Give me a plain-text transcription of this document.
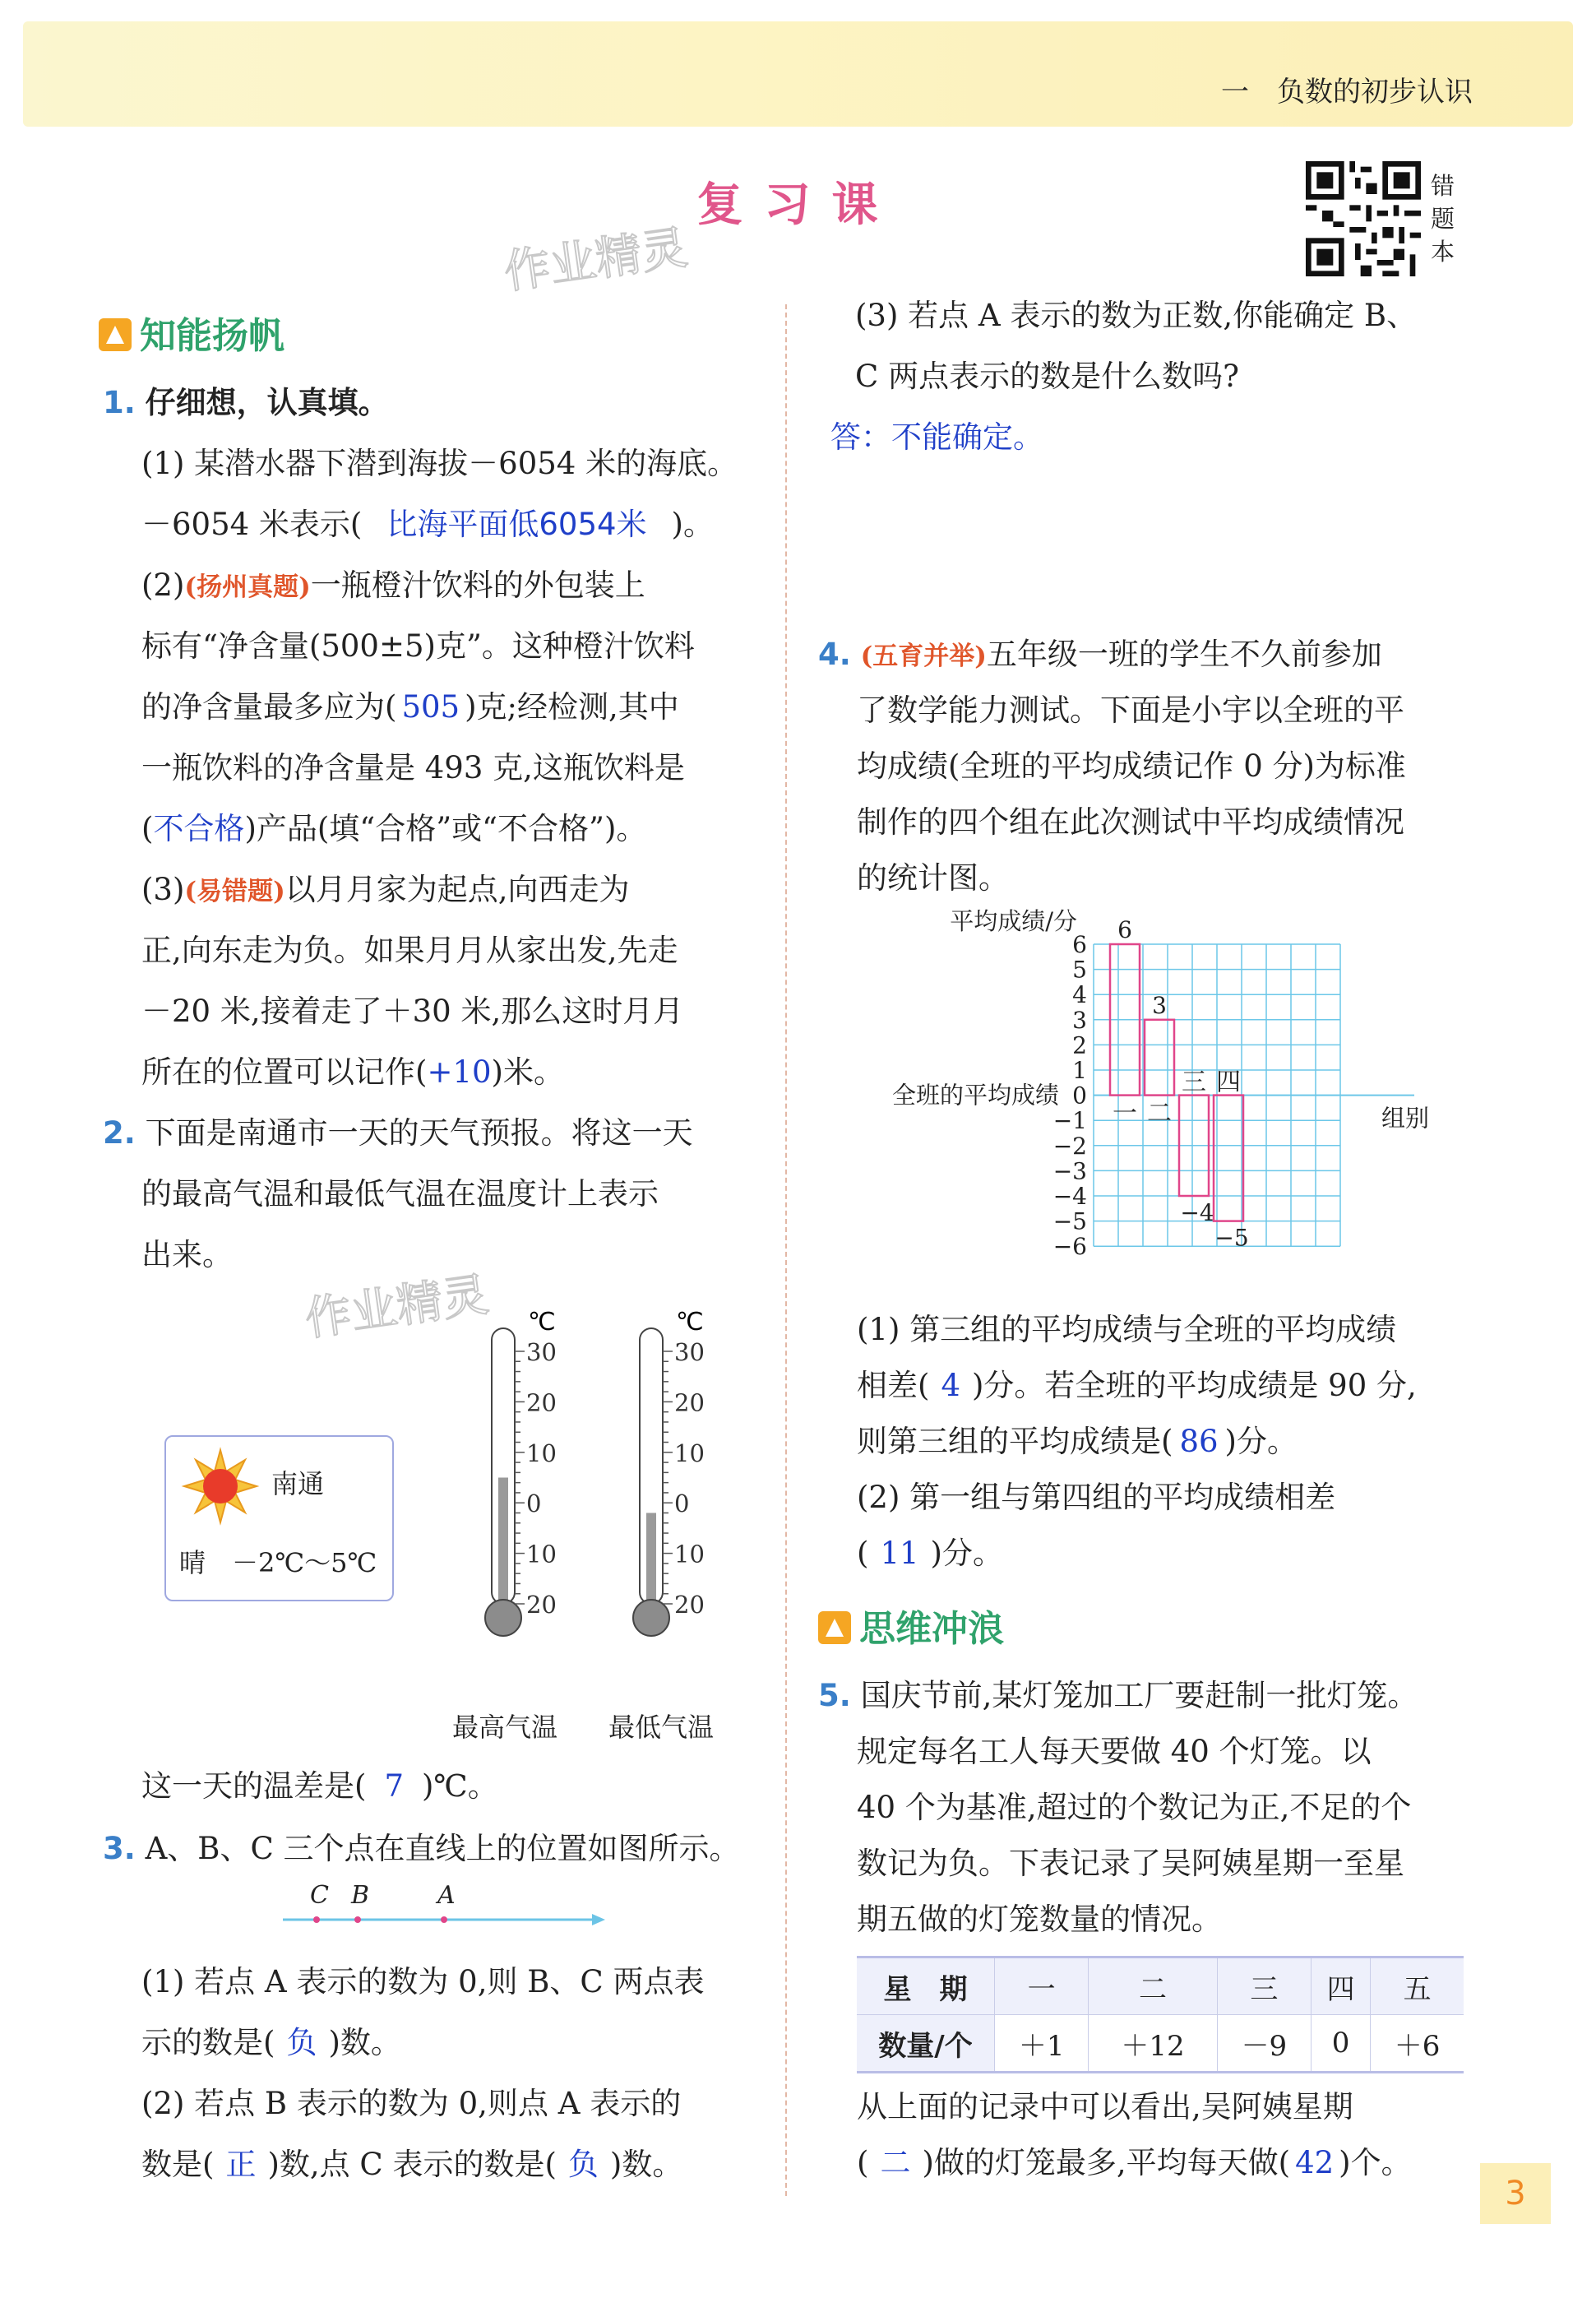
一　负数的初步认识
复习课	错题本
作业精灵
作业精灵
知能扬帆
1. 仔细想，认真填。
(1) 某潜水器下潜到海拔－6054 米的海底。
－6054 米表示( 比海平面低6054米 )。
(2)(扬州真题)一瓶橙汁饮料的外包装上
标有“净含量(500±5)克”。这种橙汁饮料
的净含量最多应为( 505 )克;经检测,其中
一瓶饮料的净含量是 493 克,这瓶饮料是
(不合格)产品(填“合格”或“不合格”)。
(3)(易错题)以月月家为起点,向西走为
正,向东走为负。如果月月从家出发,先走
－20 米,接着走了＋30 米,那么这时月月
所在的位置可以记作(+10)米。
2. 下面是南通市一天的天气预报。将这一天
的最高气温和最低气温在温度计上表示
出来。
南通
晴　－2℃～5℃
℃
30
20
10
0
10
20
℃
30
20
10
0
10
20
最高气温 最低气温
这一天的温差是( 7 )℃。
3. A、B、C 三个点在直线上的位置如图所示。
C B	A
(1) 若点 A 表示的数为 0,则 B、C 两点表
示的数是( 负 )数。
(2) 若点 B 表示的数为 0,则点 A 表示的
数是( 正 )数,点 C 表示的数是( 负 )数。
(3) 若点 A 表示的数为正数,你能确定 B、
C 两点表示的数是什么数吗?
答：不能确定。
4. (五育并举)五年级一班的学生不久前参加
了数学能力测试。下面是小宇以全班的平
均成绩(全班的平均成绩记作 0 分)为标准
制作的四个组在此次测试中平均成绩情况
的统计图。
6
5
4
3
2
1
0
−1
−2
−3
−4
−5
−6
平均成绩/分
全班的平均成绩
组别
一
6
二
3
三
−4
四
−5
(1) 第三组的平均成绩与全班的平均成绩
相差( 4 )分。若全班的平均成绩是 90 分,
则第三组的平均成绩是( 86 )分。
(2) 第一组与第四组的平均成绩相差
( 11 )分。
思维冲浪
5. 国庆节前,某灯笼加工厂要赶制一批灯笼。
规定每名工人每天要做 40 个灯笼。以
40 个为基准,超过的个数记为正,不足的个
数记为负。下表记录了吴阿姨星期一至星
期五做的灯笼数量的情况。
星　期	一	二	三	四	五
数量/个	＋1	＋12	－9	0	＋6
从上面的记录中可以看出,吴阿姨星期
( 二 )做的灯笼最多,平均每天做( 42 )个。
3
